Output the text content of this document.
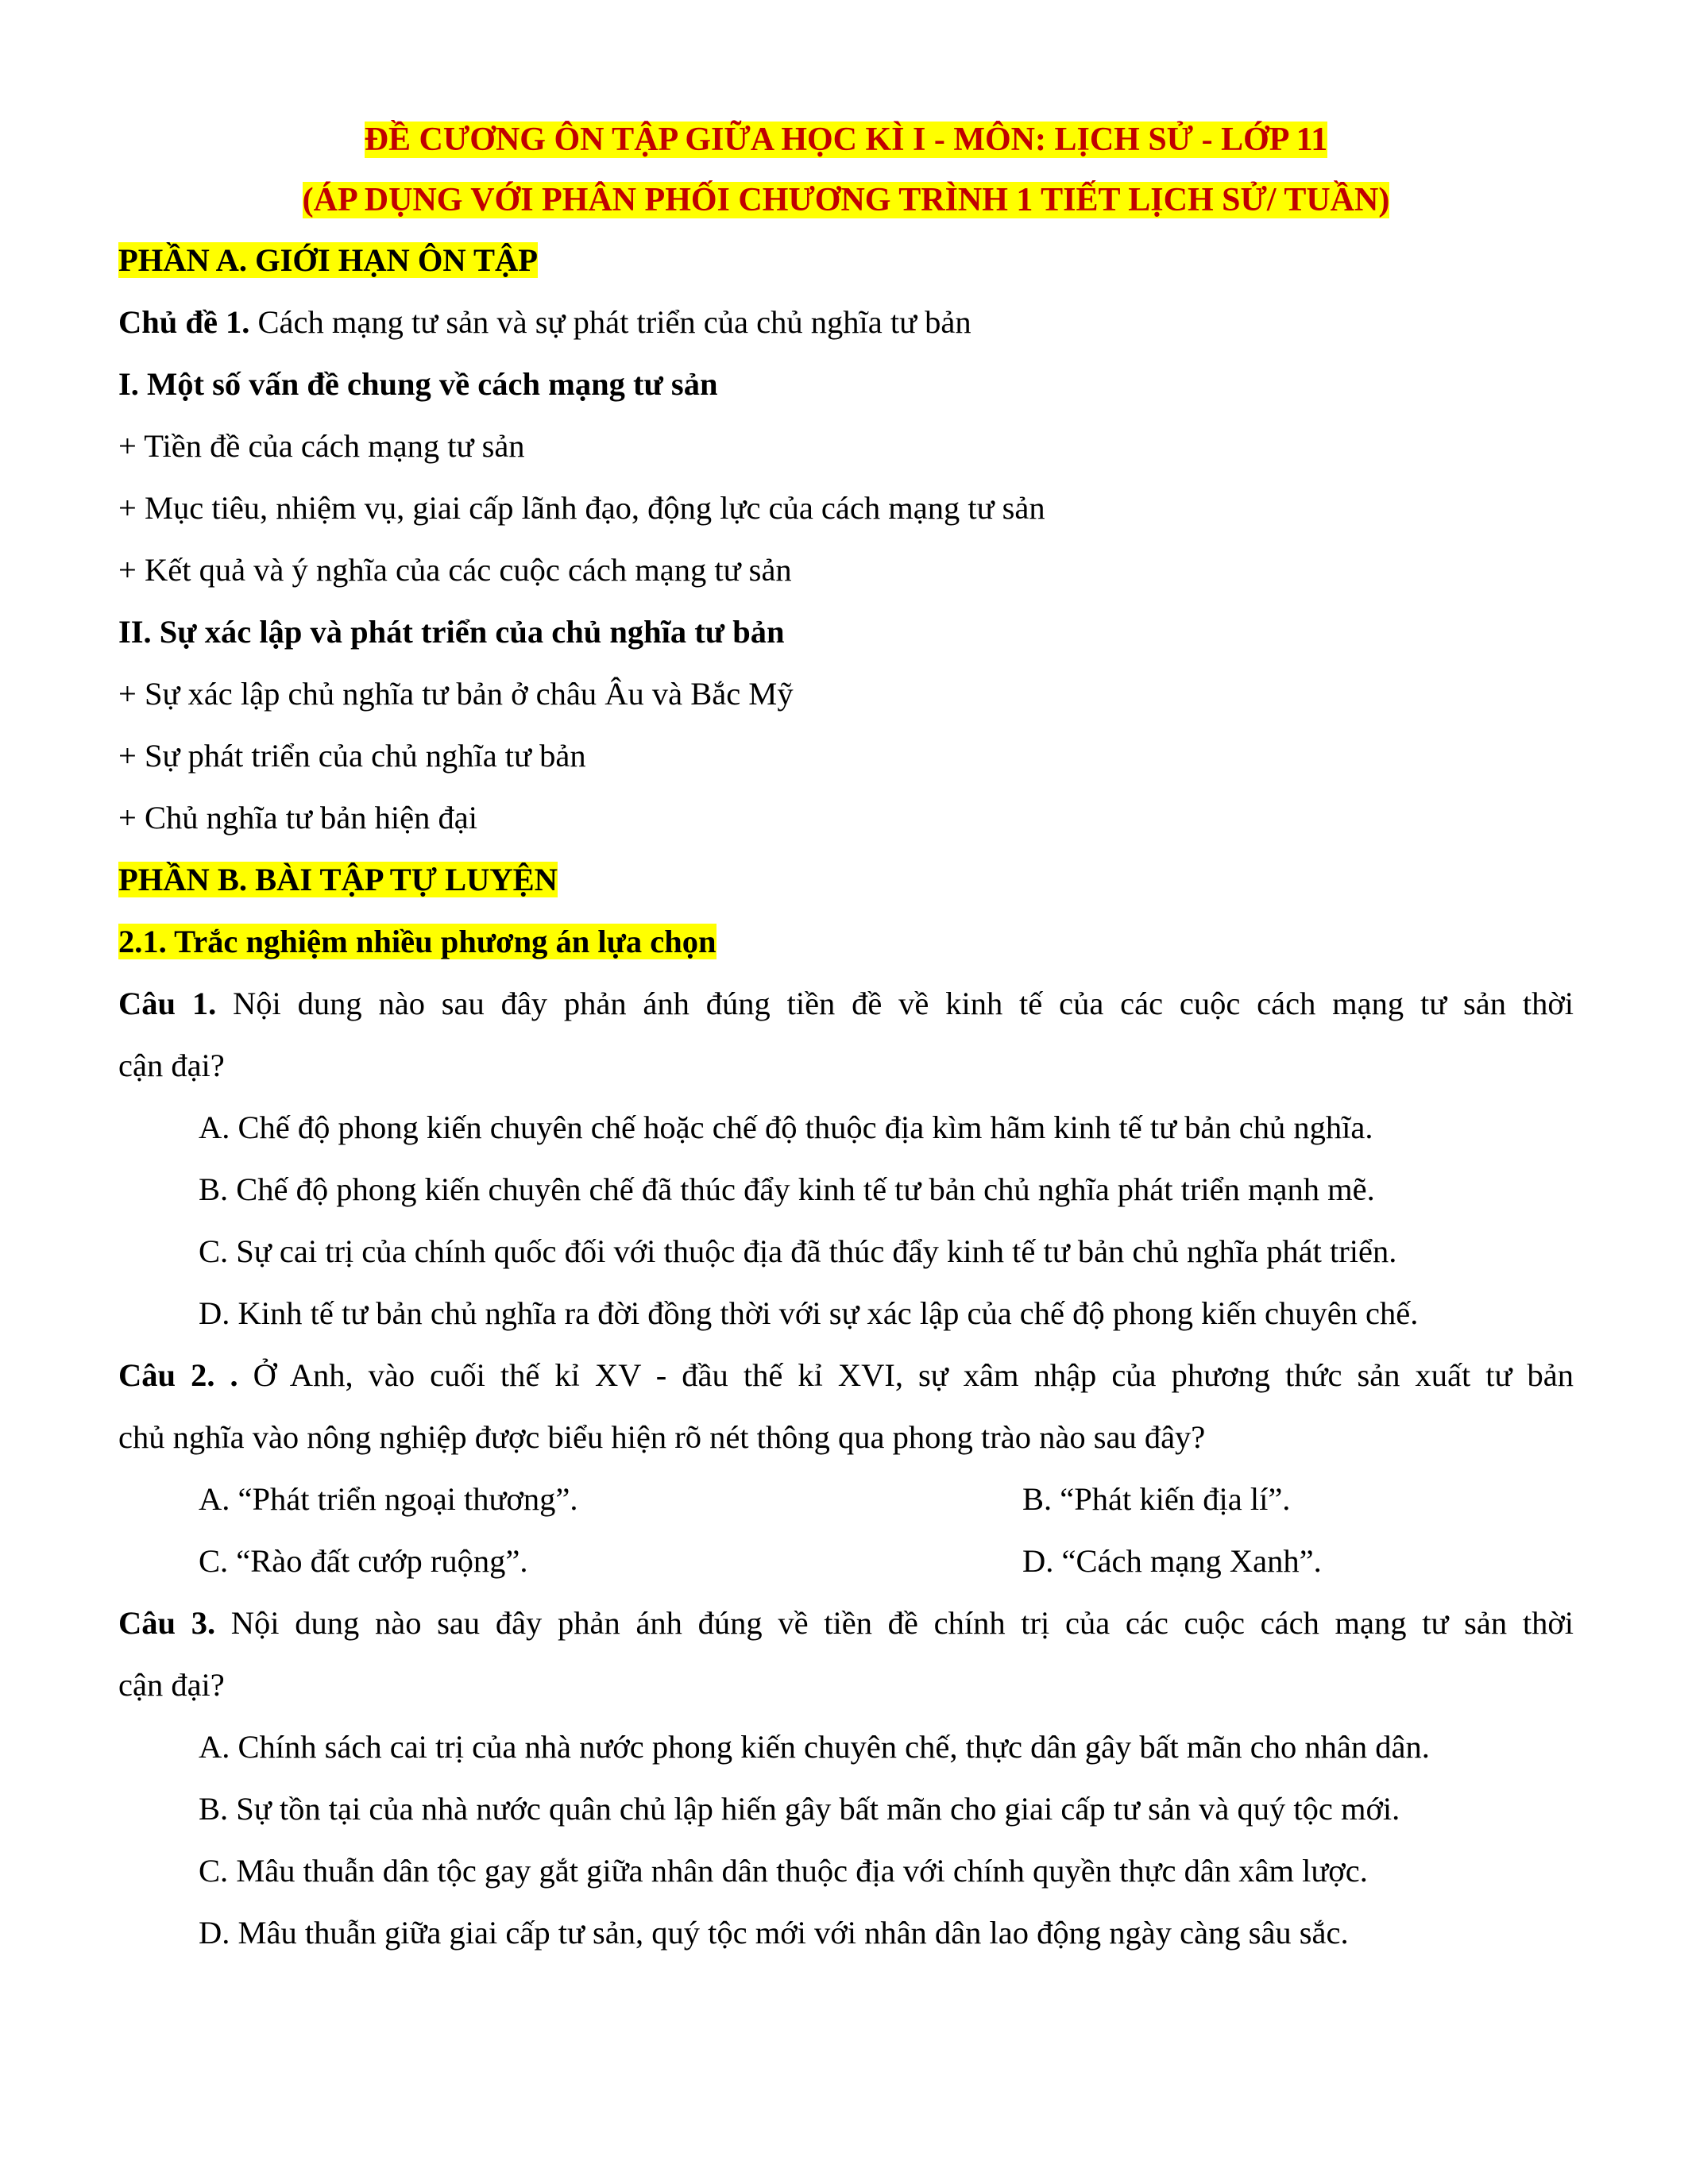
ĐỀ CƯƠNG ÔN TẬP GIỮA HỌC KÌ I - MÔN: LỊCH SỬ - LỚP 11
(ÁP DỤNG VỚI PHÂN PHỐI CHƯƠNG TRÌNH 1 TIẾT LỊCH SỬ/ TUẦN)
PHẦN A. GIỚI HẠN ÔN TẬP
Chủ đề 1. Cách mạng tư sản và sự phát triển của chủ nghĩa tư bản
I. Một số vấn đề chung về cách mạng tư sản
+ Tiền đề của cách mạng tư sản
+ Mục tiêu, nhiệm vụ, giai cấp lãnh đạo, động lực của cách mạng tư sản
+ Kết quả và ý nghĩa của các cuộc cách mạng tư sản
II. Sự xác lập và phát triển của chủ nghĩa tư bản
+ Sự xác lập chủ nghĩa tư bản ở châu Âu và Bắc Mỹ
+ Sự phát triển của chủ nghĩa tư bản
+ Chủ nghĩa tư bản hiện đại
PHẦN B. BÀI TẬP TỰ LUYỆN
2.1. Trắc nghiệm nhiều phương án lựa chọn
Câu 1. Nội dung nào sau đây phản ánh đúng tiền đề về kinh tế của các cuộc cách mạng tư sản thời
cận đại?
A. Chế độ phong kiến chuyên chế hoặc chế độ thuộc địa kìm hãm kinh tế tư bản chủ nghĩa.
B. Chế độ phong kiến chuyên chế đã thúc đẩy kinh tế tư bản chủ nghĩa phát triển mạnh mẽ.
C. Sự cai trị của chính quốc đối với thuộc địa đã thúc đẩy kinh tế tư bản chủ nghĩa phát triển.
D. Kinh tế tư bản chủ nghĩa ra đời đồng thời với sự xác lập của chế độ phong kiến chuyên chế.
Câu 2. . Ở Anh, vào cuối thế kỉ XV - đầu thế kỉ XVI, sự xâm nhập của phương thức sản xuất tư bản
chủ nghĩa vào nông nghiệp được biểu hiện rõ nét thông qua phong trào nào sau đây?
A. “Phát triển ngoại thương”.	B. “Phát kiến địa lí”.
C. “Rào đất cướp ruộng”.	D. “Cách mạng Xanh”.
Câu 3. Nội dung nào sau đây phản ánh đúng về tiền đề chính trị của các cuộc cách mạng tư sản thời
cận đại?
A. Chính sách cai trị của nhà nước phong kiến chuyên chế, thực dân gây bất mãn cho nhân dân.
B. Sự tồn tại của nhà nước quân chủ lập hiến gây bất mãn cho giai cấp tư sản và quý tộc mới.
C. Mâu thuẫn dân tộc gay gắt giữa nhân dân thuộc địa với chính quyền thực dân xâm lược.
D. Mâu thuẫn giữa giai cấp tư sản, quý tộc mới với nhân dân lao động ngày càng sâu sắc.
